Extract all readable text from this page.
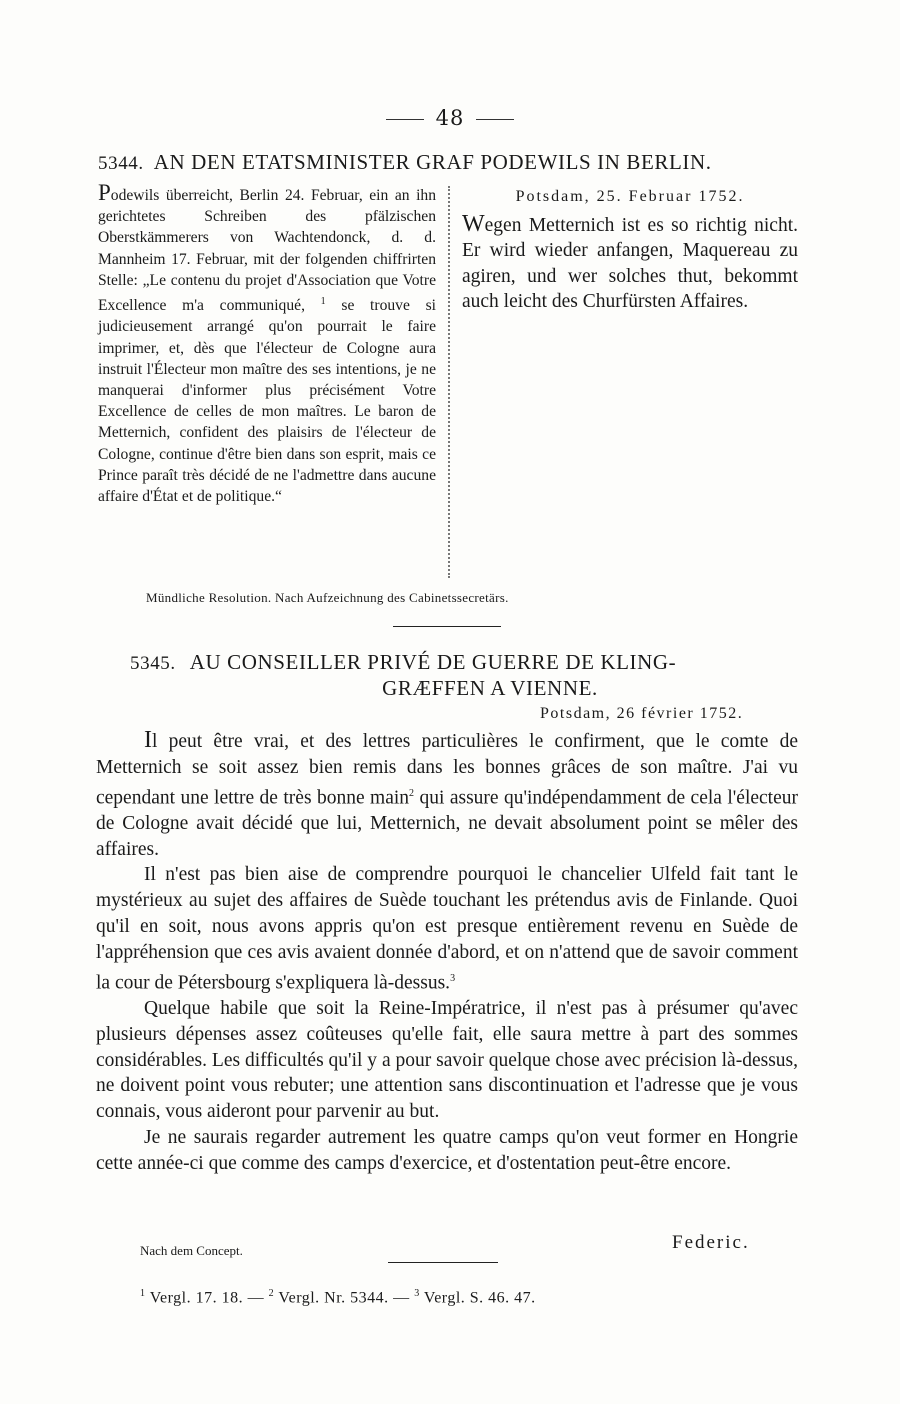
48
5344. AN DEN ETATSMINISTER GRAF PODEWILS IN BERLIN.
Podewils überreicht, Berlin 24. Februar, ein an ihn gerichtetes Schreiben des pfälzischen Oberstkämmerers von Wachtendonck, d. d. Mannheim 17. Februar, mit der folgenden chiffrirten Stelle: „Le contenu du projet d'Association que Votre Excellence m'a communiqué, $^1$ se trouve si judicieusement arrangé qu'on pourrait le faire imprimer, et, dès que l'électeur de Cologne aura instruit l'Électeur mon maître des ses intentions, je ne manquerai d'informer plus précisément Votre Excellence de celles de mon maîtres. Le baron de Metternich, confident des plaisirs de l'électeur de Cologne, continue d'être bien dans son esprit, mais ce Prince paraît très décidé de ne l'admettre dans aucune affaire d'État et de politique.“
Potsdam, 25. Februar 1752.
Wegen Metternich ist es so richtig nicht. Er wird wieder anfangen, Maquereau zu agiren, und wer solches thut, bekommt auch leicht des Churfürsten Affaires.
Mündliche Resolution. Nach Aufzeichnung des Cabinetssecretärs.
5345. AU CONSEILLER PRIVÉ DE GUERRE DE KLING-
GRÆFFEN A VIENNE.
Potsdam, 26 février 1752.

Il peut être vrai, et des lettres particulières le confirment, que le comte de Metternich se soit assez bien remis dans les bonnes grâces de son maître. J'ai vu cependant une lettre de très bonne main$^2$ qui assure qu'indépendamment de cela l'électeur de Cologne avait décidé que lui, Metternich, ne devait absolument point se mêler des affaires.

Il n'est pas bien aise de comprendre pourquoi le chancelier Ulfeld fait tant le mystérieux au sujet des affaires de Suède touchant les prétendus avis de Finlande. Quoi qu'il en soit, nous avons appris qu'on est presque entièrement revenu en Suède de l'appréhension que ces avis avaient donnée d'abord, et on n'attend que de savoir comment la cour de Pétersbourg s'expliquera là-dessus.$^3$

Quelque habile que soit la Reine-Impératrice, il n'est pas à présumer qu'avec plusieurs dépenses assez coûteuses qu'elle fait, elle saura mettre à part des sommes considérables. Les difficultés qu'il y a pour savoir quelque chose avec précision là-dessus, ne doivent point vous rebuter; une attention sans discontinuation et l'adresse que je vous connais, vous aideront pour parvenir au but.

Je ne saurais regarder autrement les quatre camps qu'on veut former en Hongrie cette année-ci que comme des camps d'exercice, et d'ostentation peut-être encore.

Federic.
Nach dem Concept.
$^1$ Vergl. 17. 18. — $^2$ Vergl. Nr. 5344. — $^3$ Vergl. S. 46. 47.
